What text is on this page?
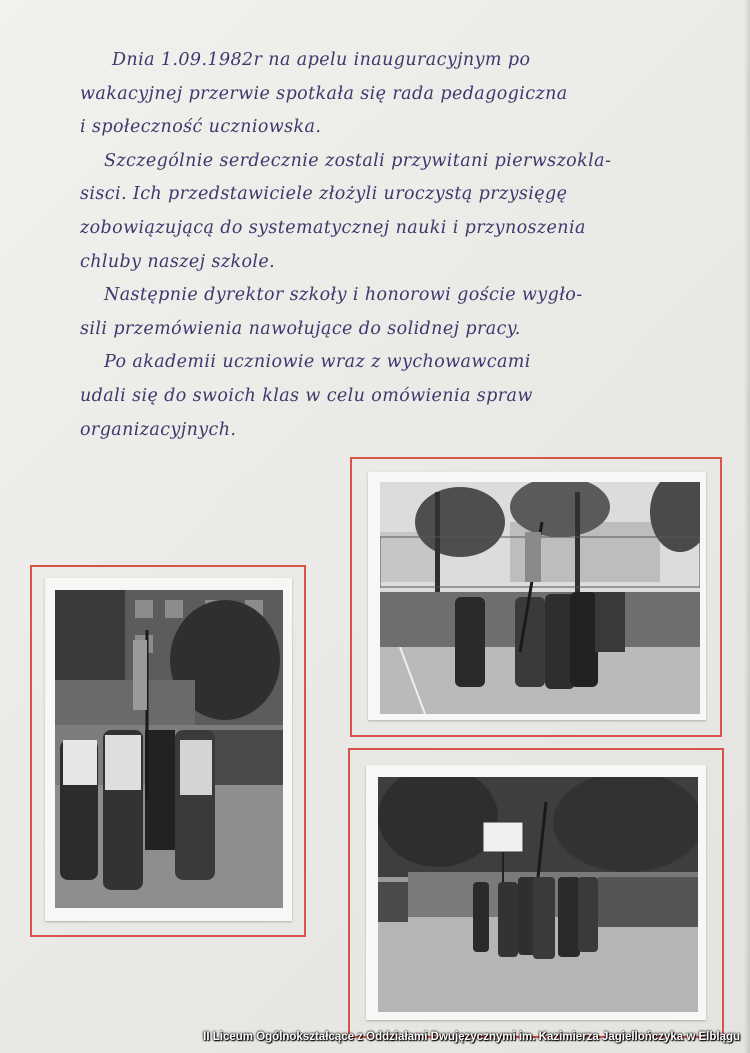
Dnia 1.09.1982r na apelu inauguracyjnym po
wakacyjnej przerwie spotkała się rada pedagogiczna
i społeczność uczniowska.
Szczególnie serdecznie zostali przywitani pierwszokla-
sisci. Ich przedstawiciele złożyli uroczystą przysięgę
zobowiązującą do systematycznej nauki i przynoszenia
chluby naszej szkole.
Następnie dyrektor szkoły i honorowi goście wygło-
sili przemówienia nawołujące do solidnej pracy.
Po akademii uczniowie wraz z wychowawcami
udali się do swoich klas w celu omówienia spraw
organizacyjnych.
II Liceum Ogólnokształcące z Oddziałami Dwujęzycznymi im. Kazimierza Jagiellończyka w Elblągu
